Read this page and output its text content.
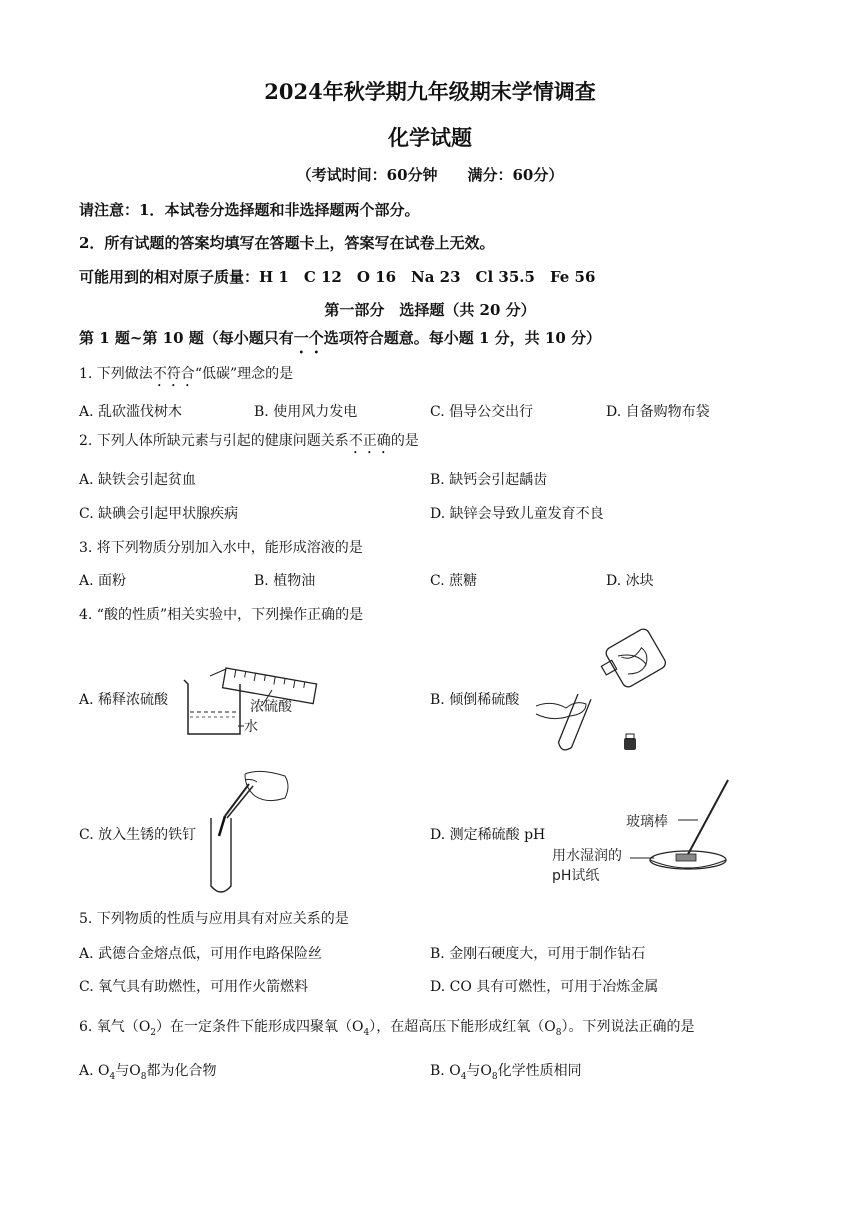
2024年秋学期九年级期末学情调查
化学试题
（考试时间：60分钟　　满分：60分）
请注意：1．本试卷分选择题和非选择题两个部分。
2．所有试题的答案均填写在答题卡上，答案写在试卷上无效。
可能用到的相对原子质量：H 1　C 12　O 16　Na 23　Cl 35.5　Fe 56
第一部分　选择题（共 20 分）
第 1 题~第 10 题（每小题只有一个选项符合题意。每小题 1 分，共 10 分）
1. 下列做法不符合“低碳”理念的是
A. 乱砍滥伐树木	B. 使用风力发电	C. 倡导公交出行	D. 自备购物布袋
2. 下列人体所缺元素与引起的健康问题关系不正确的是
A. 缺铁会引起贫血	B. 缺钙会引起龋齿
C. 缺碘会引起甲状腺疾病	D. 缺锌会导致儿童发育不良
3. 将下列物质分别加入水中，能形成溶液的是
A. 面粉	B. 植物油	C. 蔗糖	D. 冰块
4. “酸的性质”相关实验中，下列操作正确的是
A. 稀释浓硫酸	浓硫酸
水
B. 倾倒稀硫酸
C. 放入生锈的铁钉	D. 测定稀硫酸 pH
玻璃棒
用水湿润的
pH试纸
5. 下列物质的性质与应用具有对应关系的是
A. 武德合金熔点低，可用作电路保险丝	B. 金刚石硬度大，可用于制作钻石
C. 氧气具有助燃性，可用作火箭燃料	D. CO 具有可燃性，可用于冶炼金属
6. 氧气$(O_2)$在一定条件下能形成四聚氧$(O_4)$，在超高压下能形成红氧$(O_8)$。下列说法正确的是
A. $O_4$与$O_8$都为化合物	B. $O_4$与$O_8$化学性质相同
